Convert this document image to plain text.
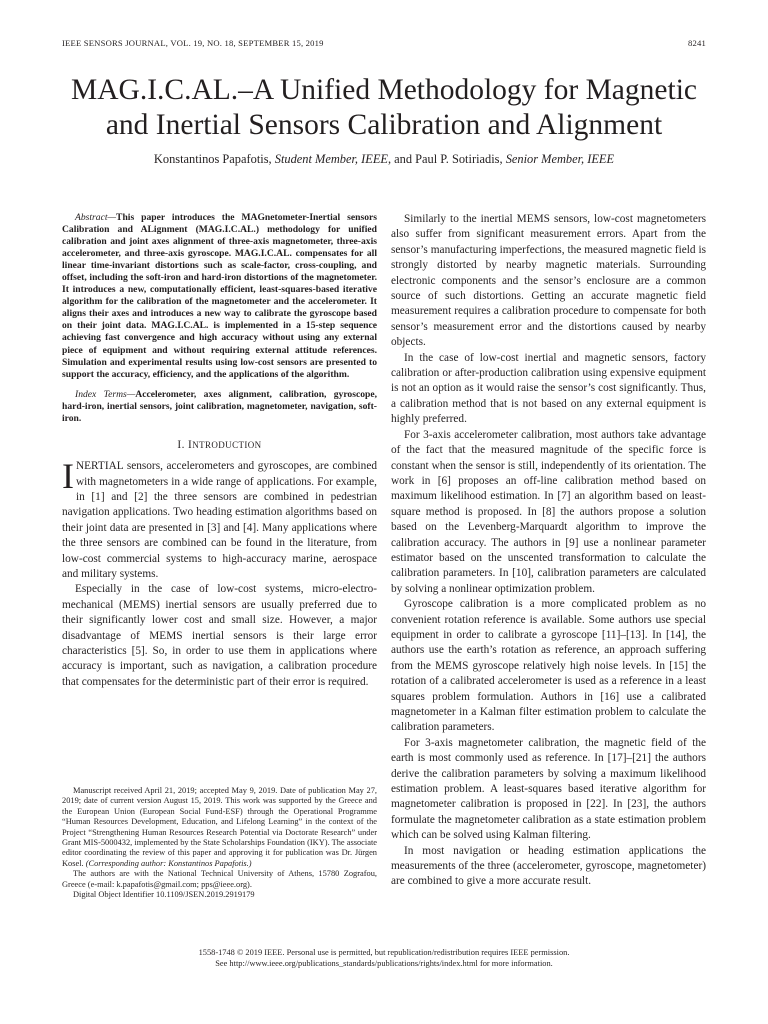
IEEE SENSORS JOURNAL, VOL. 19, NO. 18, SEPTEMBER 15, 2019	8241
MAG.I.C.AL.–A Unified Methodology for Magnetic
and Inertial Sensors Calibration and Alignment
Konstantinos Papafotis, Student Member, IEEE, and Paul P. Sotiriadis, Senior Member, IEEE

Abstract—This paper introduces the MAGnetometer-Inertial sensors Calibration and ALignment (MAG.I.C.AL.) methodology for unified calibration and joint axes alignment of three-axis magnetometer, three-axis accelerometer, and three-axis gyroscope. MAG.I.C.AL. compensates for all linear time-invariant distortions such as scale-factor, cross-coupling, and offset, including the soft-iron and hard-iron distortions of the magnetometer. It introduces a new, computationally efficient, least-squares-based iterative algorithm for the calibration of the magnetometer and the accelerometer. It aligns their axes and introduces a new way to calibrate the gyroscope based on their joint data. MAG.I.C.AL. is implemented in a 15-step sequence achieving fast convergence and high accuracy without using any external piece of equipment and without requiring external attitude references. Simulation and experimental results using low-cost sensors are presented to support the accuracy, efficiency, and the applications of the algorithm.

Index Terms—Accelerometer, axes alignment, calibration, gyroscope, hard-iron, inertial sensors, joint calibration, magnetometer, navigation, soft-iron.

I. INTRODUCTION

INERTIAL sensors, accelerometers and gyroscopes, are combined with magnetometers in a wide range of applications. For example, in [1] and [2] the three sensors are combined in pedestrian navigation applications. Two heading estimation algorithms based on their joint data are presented in [3] and [4]. Many applications where the three sensors are combined can be found in the literature, from low-cost commercial systems to high-accuracy marine, aerospace and military systems.

Especially in the case of low-cost systems, micro-electro-mechanical (MEMS) inertial sensors are usually preferred due to their significantly lower cost and small size. However, a major disadvantage of MEMS inertial sensors is their large error characteristics [5]. So, in order to use them in applications where accuracy is important, such as navigation, a calibration procedure that compensates for the deterministic part of their error is required.

Manuscript received April 21, 2019; accepted May 9, 2019. Date of publication May 27, 2019; date of current version August 15, 2019. This work was supported by the Greece and the European Union (European Social Fund-ESF) through the Operational Programme “Human Resources Development, Education, and Lifelong Learning” in the context of the Project “Strengthening Human Resources Research Potential via Doctorate Research” under Grant MIS-5000432, implemented by the State Scholarships Foundation (IKY). The associate editor coordinating the review of this paper and approving it for publication was Dr. Jürgen Kosel. (Corresponding author: Konstantinos Papafotis.)

The authors are with the National Technical University of Athens, 15780 Zografou, Greece (e-mail: k.papafotis@gmail.com; pps@ieee.org).

Digital Object Identifier 10.1109/JSEN.2019.2919179

Similarly to the inertial MEMS sensors, low-cost magnetometers also suffer from significant measurement errors. Apart from the sensor’s manufacturing imperfections, the measured magnetic field is strongly distorted by nearby magnetic materials. Surrounding electronic components and the sensor’s enclosure are a common source of such distortions. Getting an accurate magnetic field measurement requires a calibration procedure to compensate for both sensor’s measurement error and the distortions caused by nearby objects.

In the case of low-cost inertial and magnetic sensors, factory calibration or after-production calibration using expensive equipment is not an option as it would raise the sensor’s cost significantly. Thus, a calibration method that is not based on any external equipment is highly preferred.

For 3-axis accelerometer calibration, most authors take advantage of the fact that the measured magnitude of the specific force is constant when the sensor is still, independently of its orientation. The work in [6] proposes an off-line calibration method based on maximum likelihood estimation. In [7] an algorithm based on least-square method is proposed. In [8] the authors propose a solution based on the Levenberg-Marquardt algorithm to improve the calibration accuracy. The authors in [9] use a nonlinear parameter estimator based on the unscented transformation to calculate the calibration parameters. In [10], calibration parameters are calculated by solving a nonlinear optimization problem.

Gyroscope calibration is a more complicated problem as no convenient rotation reference is available. Some authors use special equipment in order to calibrate a gyroscope [11]–[13]. In [14], the authors use the earth’s rotation as reference, an approach suffering from the MEMS gyroscope relatively high noise levels. In [15] the rotation of a calibrated accelerometer is used as a reference in a least squares problem formulation. Authors in [16] use a calibrated magnetometer in a Kalman filter estimation problem to calculate the calibration parameters.

For 3-axis magnetometer calibration, the magnetic field of the earth is most commonly used as reference. In [17]–[21] the authors derive the calibration parameters by solving a maximum likelihood estimation problem. A least-squares based iterative algorithm for magnetometer calibration is proposed in [22]. In [23], the authors formulate the magnetometer calibration as a state estimation problem which can be solved using Kalman filtering.

In most navigation or heading estimation applications the measurements of the three (accelerometer, gyroscope, magnetometer) are combined to give a more accurate result.

1558-1748 © 2019 IEEE. Personal use is permitted, but republication/redistribution requires IEEE permission.
See http://www.ieee.org/publications_standards/publications/rights/index.html for more information.
